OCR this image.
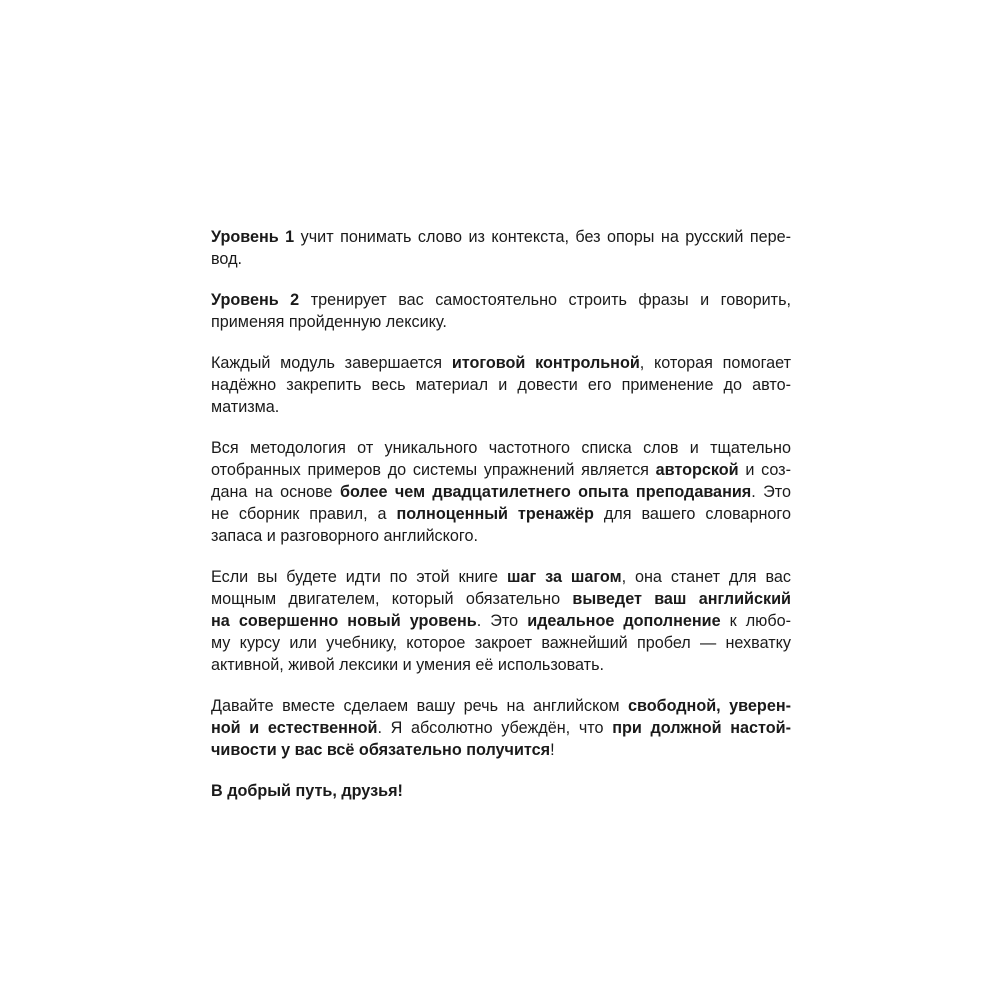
Уровень 1 учит понимать слово из контекста, без опоры на русский пере-
вод.

Уровень 2 тренирует вас самостоятельно строить фразы и говорить,
применяя пройденную лексику.

Каждый модуль завершается итоговой контрольной, которая помогает
надёжно закрепить весь материал и довести его применение до авто-
матизма.

Вся методология от уникального частотного списка слов и тщательно
отобранных примеров до системы упражнений является авторской и соз-
дана на основе более чем двадцатилетнего опыта преподавания. Это
не сборник правил, а полноценный тренажёр для вашего словарного
запаса и разговорного английского.

Если вы будете идти по этой книге шаг за шагом, она станет для вас
мощным двигателем, который обязательно выведет ваш английский
на совершенно новый уровень. Это идеальное дополнение к любо-
му курсу или учебнику, которое закроет важнейший пробел — нехватку
активной, живой лексики и умения её использовать.

Давайте вместе сделаем вашу речь на английском свободной, уверен-
ной и естественной. Я абсолютно убеждён, что при должной настой-
чивости у вас всё обязательно получится!

В добрый путь, друзья!
